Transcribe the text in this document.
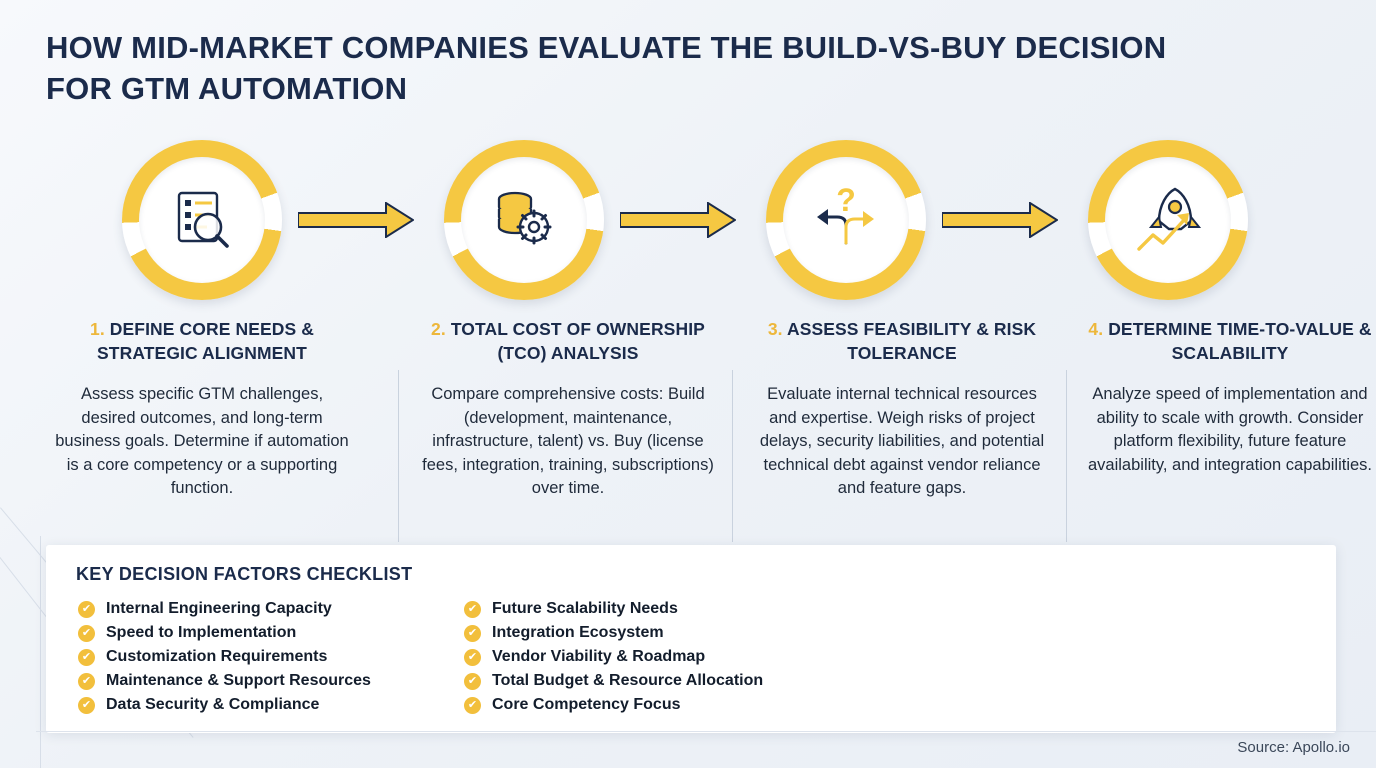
HOW MID-MARKET COMPANIES EVALUATE THE BUILD-VS-BUY DECISION FOR GTM AUTOMATION
?
1. DEFINE CORE NEEDS & STRATEGIC ALIGNMENT
Assess specific GTM challenges, desired outcomes, and long-term business goals. Determine if automation is a core competency or a supporting function.
2. TOTAL COST OF OWNERSHIP (TCO) ANALYSIS
Compare comprehensive costs: Build (development, maintenance, infrastructure, talent) vs. Buy (license fees, integration, training, subscriptions) over time.
3. ASSESS FEASIBILITY & RISK TOLERANCE
Evaluate internal technical resources and expertise. Weigh risks of project delays, security liabilities, and potential technical debt against vendor reliance and feature gaps.
4. DETERMINE TIME-TO-VALUE & SCALABILITY
Analyze speed of implementation and ability to scale with growth. Consider platform flexibility, future feature availability, and integration capabilities.
KEY DECISION FACTORS CHECKLIST
✔ Internal Engineering Capacity
✔ Speed to Implementation
✔ Customization Requirements
✔ Maintenance & Support Resources
✔ Data Security & Compliance
✔ Future Scalability Needs
✔ Integration Ecosystem
✔ Vendor Viability & Roadmap
✔ Total Budget & Resource Allocation
✔ Core Competency Focus
Source: Apollo.io
